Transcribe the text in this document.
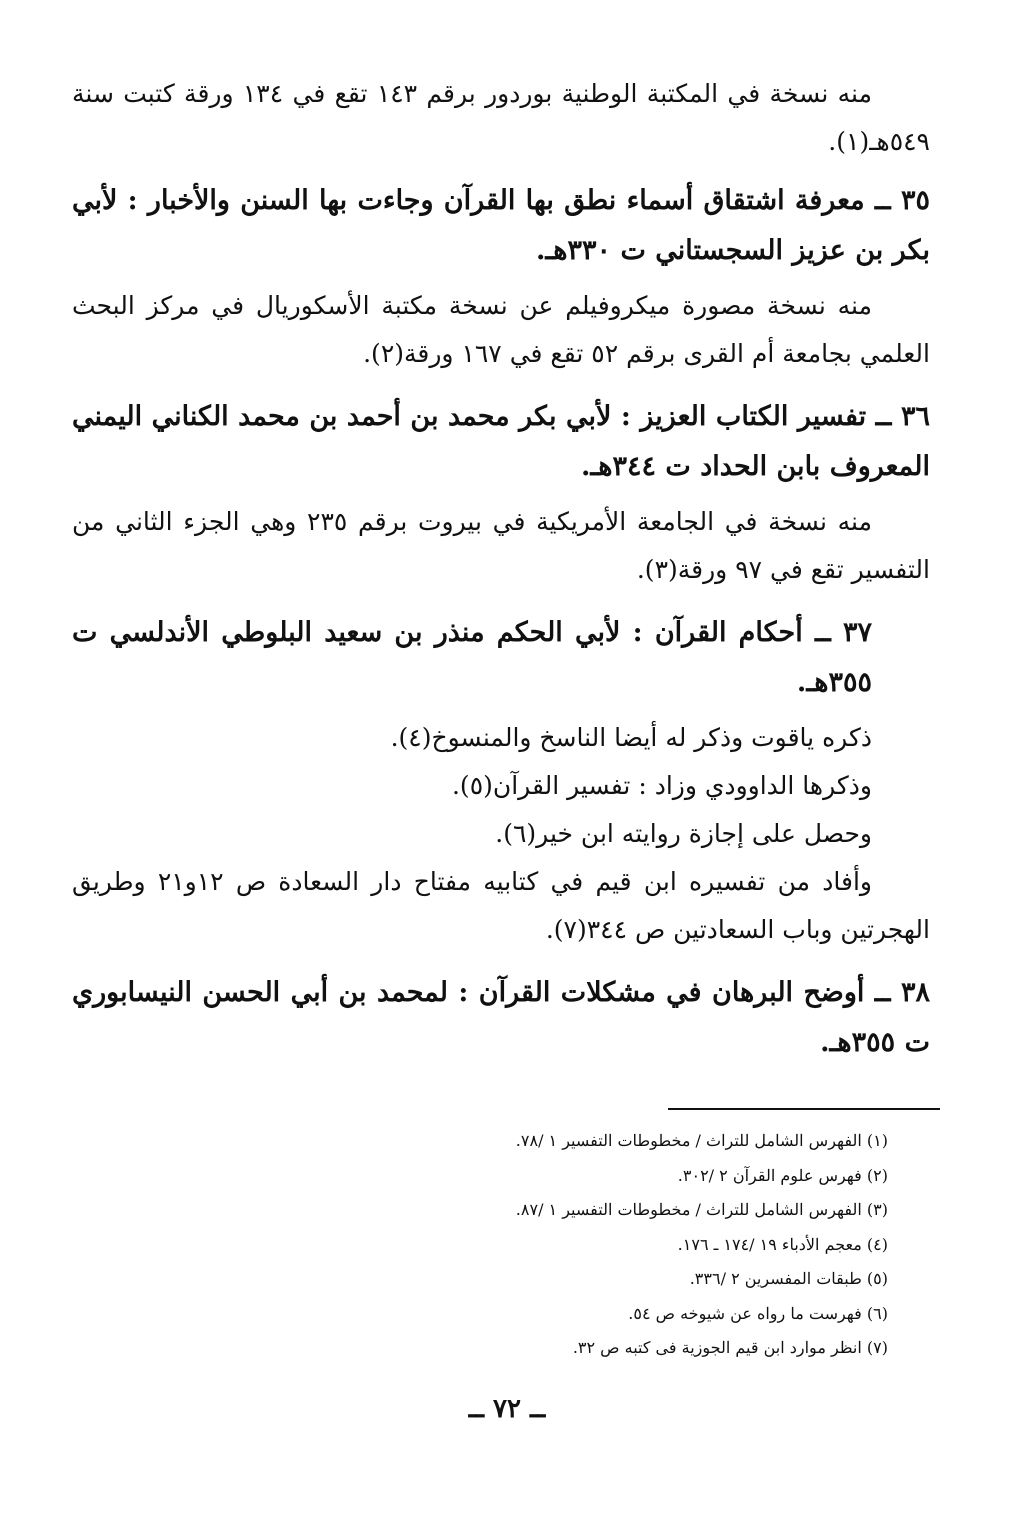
منه نسخة في المكتبة الوطنية بوردور برقم ١٤٣ تقع في ١٣٤ ورقة كتبت سنة ٥٤٩هـ(١).

٣٥ ــ معرفة اشتقاق أسماء نطق بها القرآن وجاءت بها السنن والأخبار : لأبي بكر بن عزيز السجستاني ت ٣٣٠هـ.

منه نسخة مصورة ميكروفيلم عن نسخة مكتبة الأسكوريال في مركز البحث العلمي بجامعة أم القرى برقم ٥٢ تقع في ١٦٧ ورقة(٢).

٣٦ ــ تفسير الكتاب العزيز : لأبي بكر محمد بن أحمد بن محمد الكناني اليمني المعروف بابن الحداد ت ٣٤٤هـ.

منه نسخة في الجامعة الأمريكية في بيروت برقم ٢٣٥ وهي الجزء الثاني من التفسير تقع في ٩٧ ورقة(٣).

٣٧ ــ أحكام القرآن : لأبي الحكم منذر بن سعيد البلوطي الأندلسي ت ٣٥٥هـ.

ذكره ياقوت وذكر له أيضا الناسخ والمنسوخ(٤).

وذكرها الداوودي وزاد : تفسير القرآن(٥).

وحصل على إجازة روايته ابن خير(٦).

وأفاد من تفسيره ابن قيم في كتابيه مفتاح دار السعادة ص ١٢و٢١ وطريق الهجرتين وباب السعادتين ص ٣٤٤(٧).

٣٨ ــ أوضح البرهان في مشكلات القرآن : لمحمد بن أبي الحسن النيسابوري ت ٣٥٥هـ.

(١) الفهرس الشامل للتراث / مخطوطات التفسير ١ /٧٨.
(٢) فهرس علوم القرآن ٢ /٣٠٢.
(٣) الفهرس الشامل للتراث / مخطوطات التفسير ١ /٨٧.
(٤) معجم الأدباء ١٩ /١٧٤ ـ ١٧٦.
(٥) طبقات المفسرين ٢ /٣٣٦.
(٦) فهرست ما رواه عن شيوخه ص ٥٤.
(٧) انظر موارد ابن قيم الجوزية فى كتبه ص ٣٢.
ــ ٧٢ ــ
